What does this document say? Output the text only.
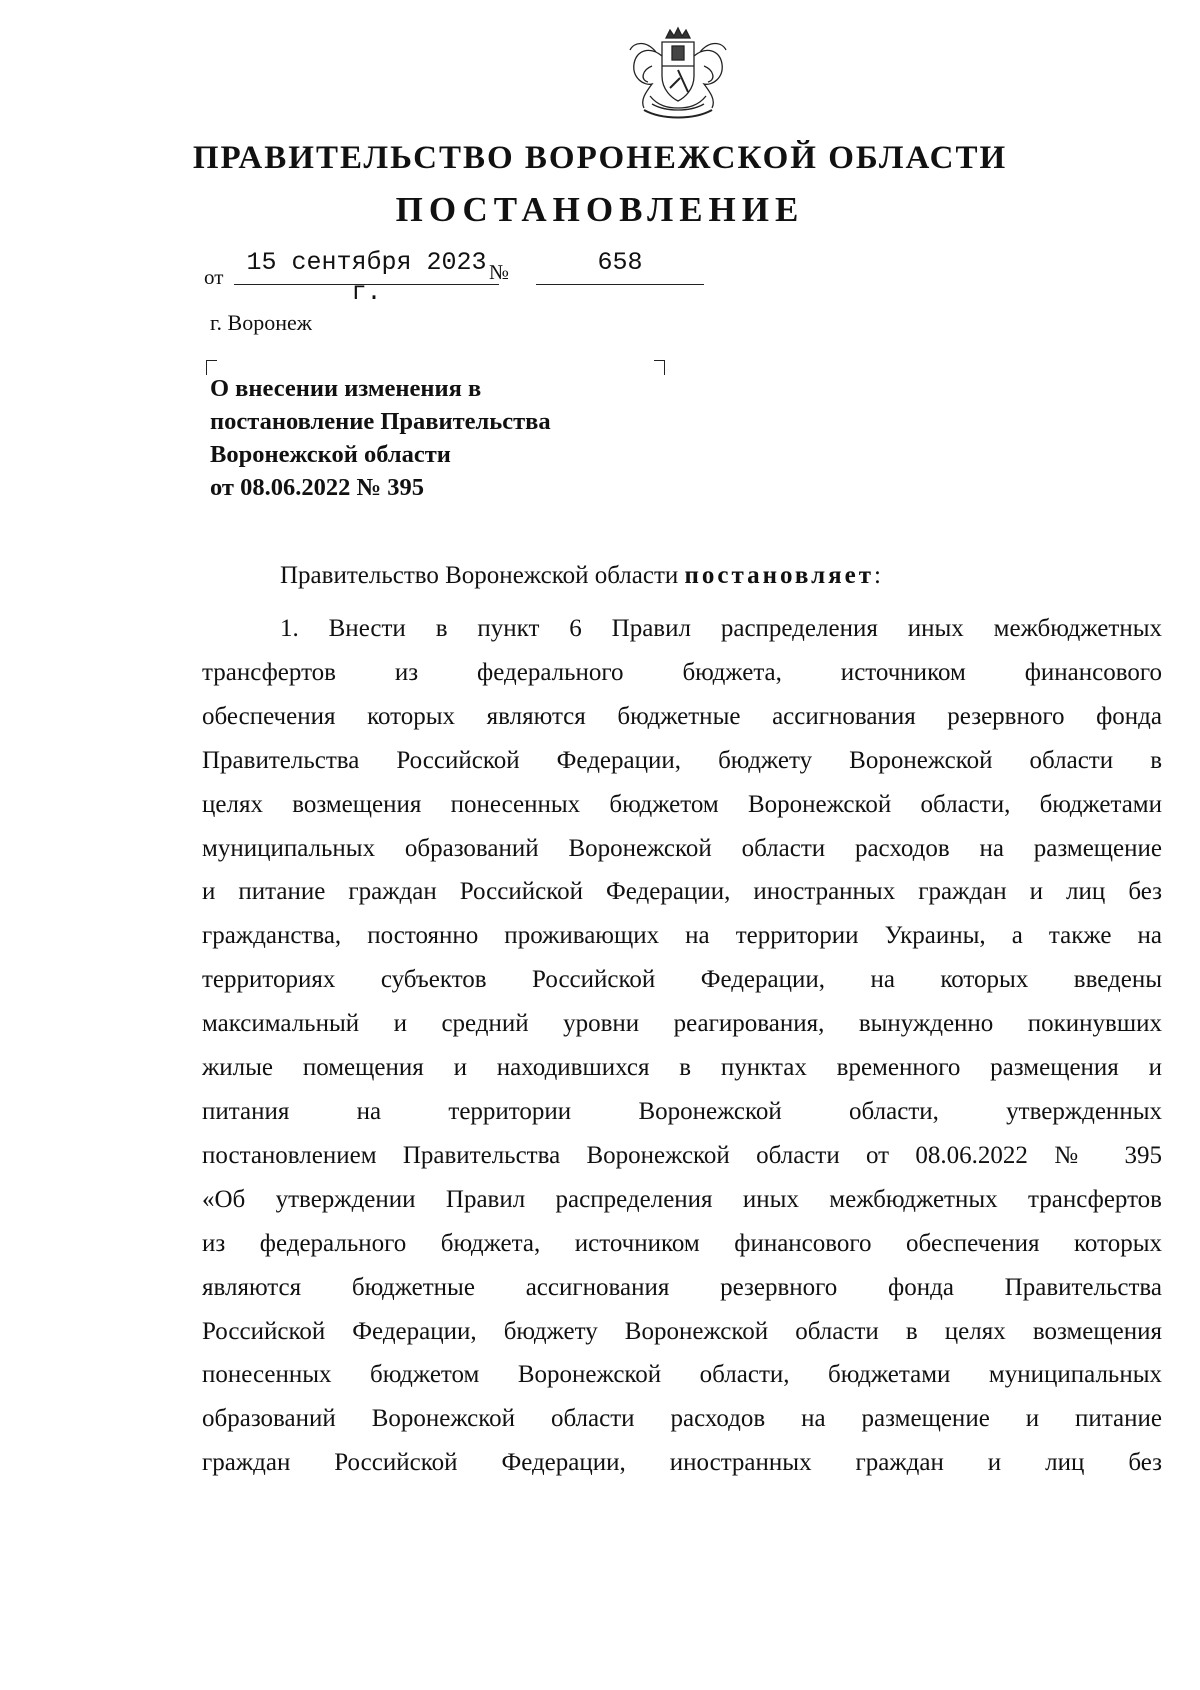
ПРАВИТЕЛЬСТВО ВОРОНЕЖСКОЙ ОБЛАСТИ
ПОСТАНОВЛЕНИЕ
от 15 сентября 2023 г.
№	658

г. Воронеж

О внесении изменения в
постановление Правительства
Воронежской области
от 08.06.2022 № 395

Правительство Воронежской области постановляет:

1. Внести в пункт 6 Правил распределения иных межбюджетных
трансфертов из федерального бюджета, источником финансового
обеспечения которых являются бюджетные ассигнования резервного фонда
Правительства Российской Федерации, бюджету Воронежской области в
целях возмещения понесенных бюджетом Воронежской области, бюджетами
муниципальных образований Воронежской области расходов на размещение
и питание граждан Российской Федерации, иностранных граждан и лиц без
гражданства, постоянно проживающих на территории Украины, а также на
территориях субъектов Российской Федерации, на которых введены
максимальный и средний уровни реагирования, вынужденно покинувших
жилые помещения и находившихся в пунктах временного размещения и
питания на территории Воронежской области, утвержденных
постановлением Правительства Воронежской области от 08.06.2022 № 395
«Об утверждении Правил распределения иных межбюджетных трансфертов
из федерального бюджета, источником финансового обеспечения которых
являются бюджетные ассигнования резервного фонда Правительства
Российской Федерации, бюджету Воронежской области в целях возмещения
понесенных бюджетом Воронежской области, бюджетами муниципальных
образований Воронежской области расходов на размещение и питание
граждан Российской Федерации, иностранных граждан и лиц без
